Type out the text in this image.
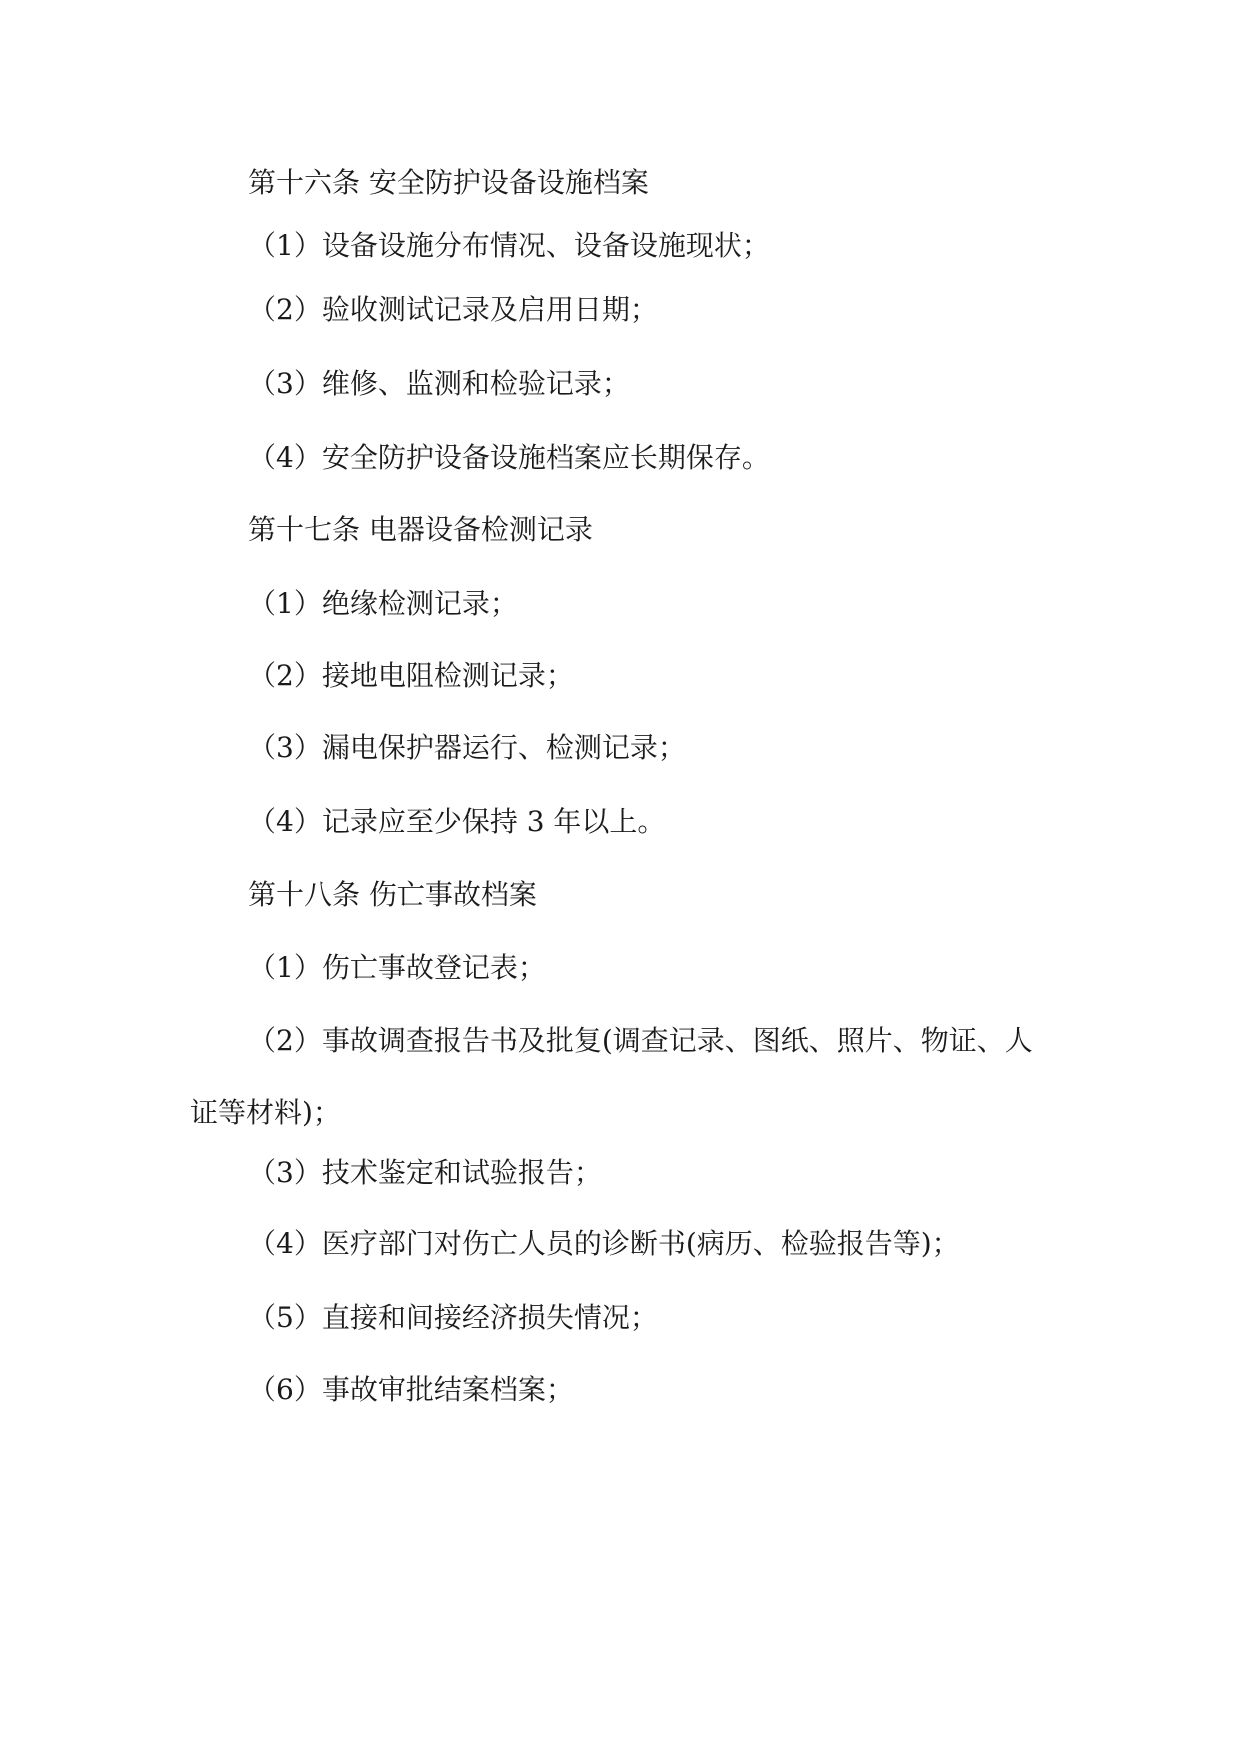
第十六条 安全防护设备设施档案
（1）设备设施分布情况、设备设施现状；
（2）验收测试记录及启用日期；
（3）维修、监测和检验记录；
（4）安全防护设备设施档案应长期保存。
第十七条 电器设备检测记录
（1）绝缘检测记录；
（2）接地电阻检测记录；
（3）漏电保护器运行、检测记录；
（4）记录应至少保持 3 年以上。
第十八条 伤亡事故档案
（1）伤亡事故登记表；
（2）事故调查报告书及批复(调查记录、图纸、照片、物证、人
证等材料)；
（3）技术鉴定和试验报告；
（4）医疗部门对伤亡人员的诊断书(病历、检验报告等)；
（5）直接和间接经济损失情况；
（6）事故审批结案档案；
